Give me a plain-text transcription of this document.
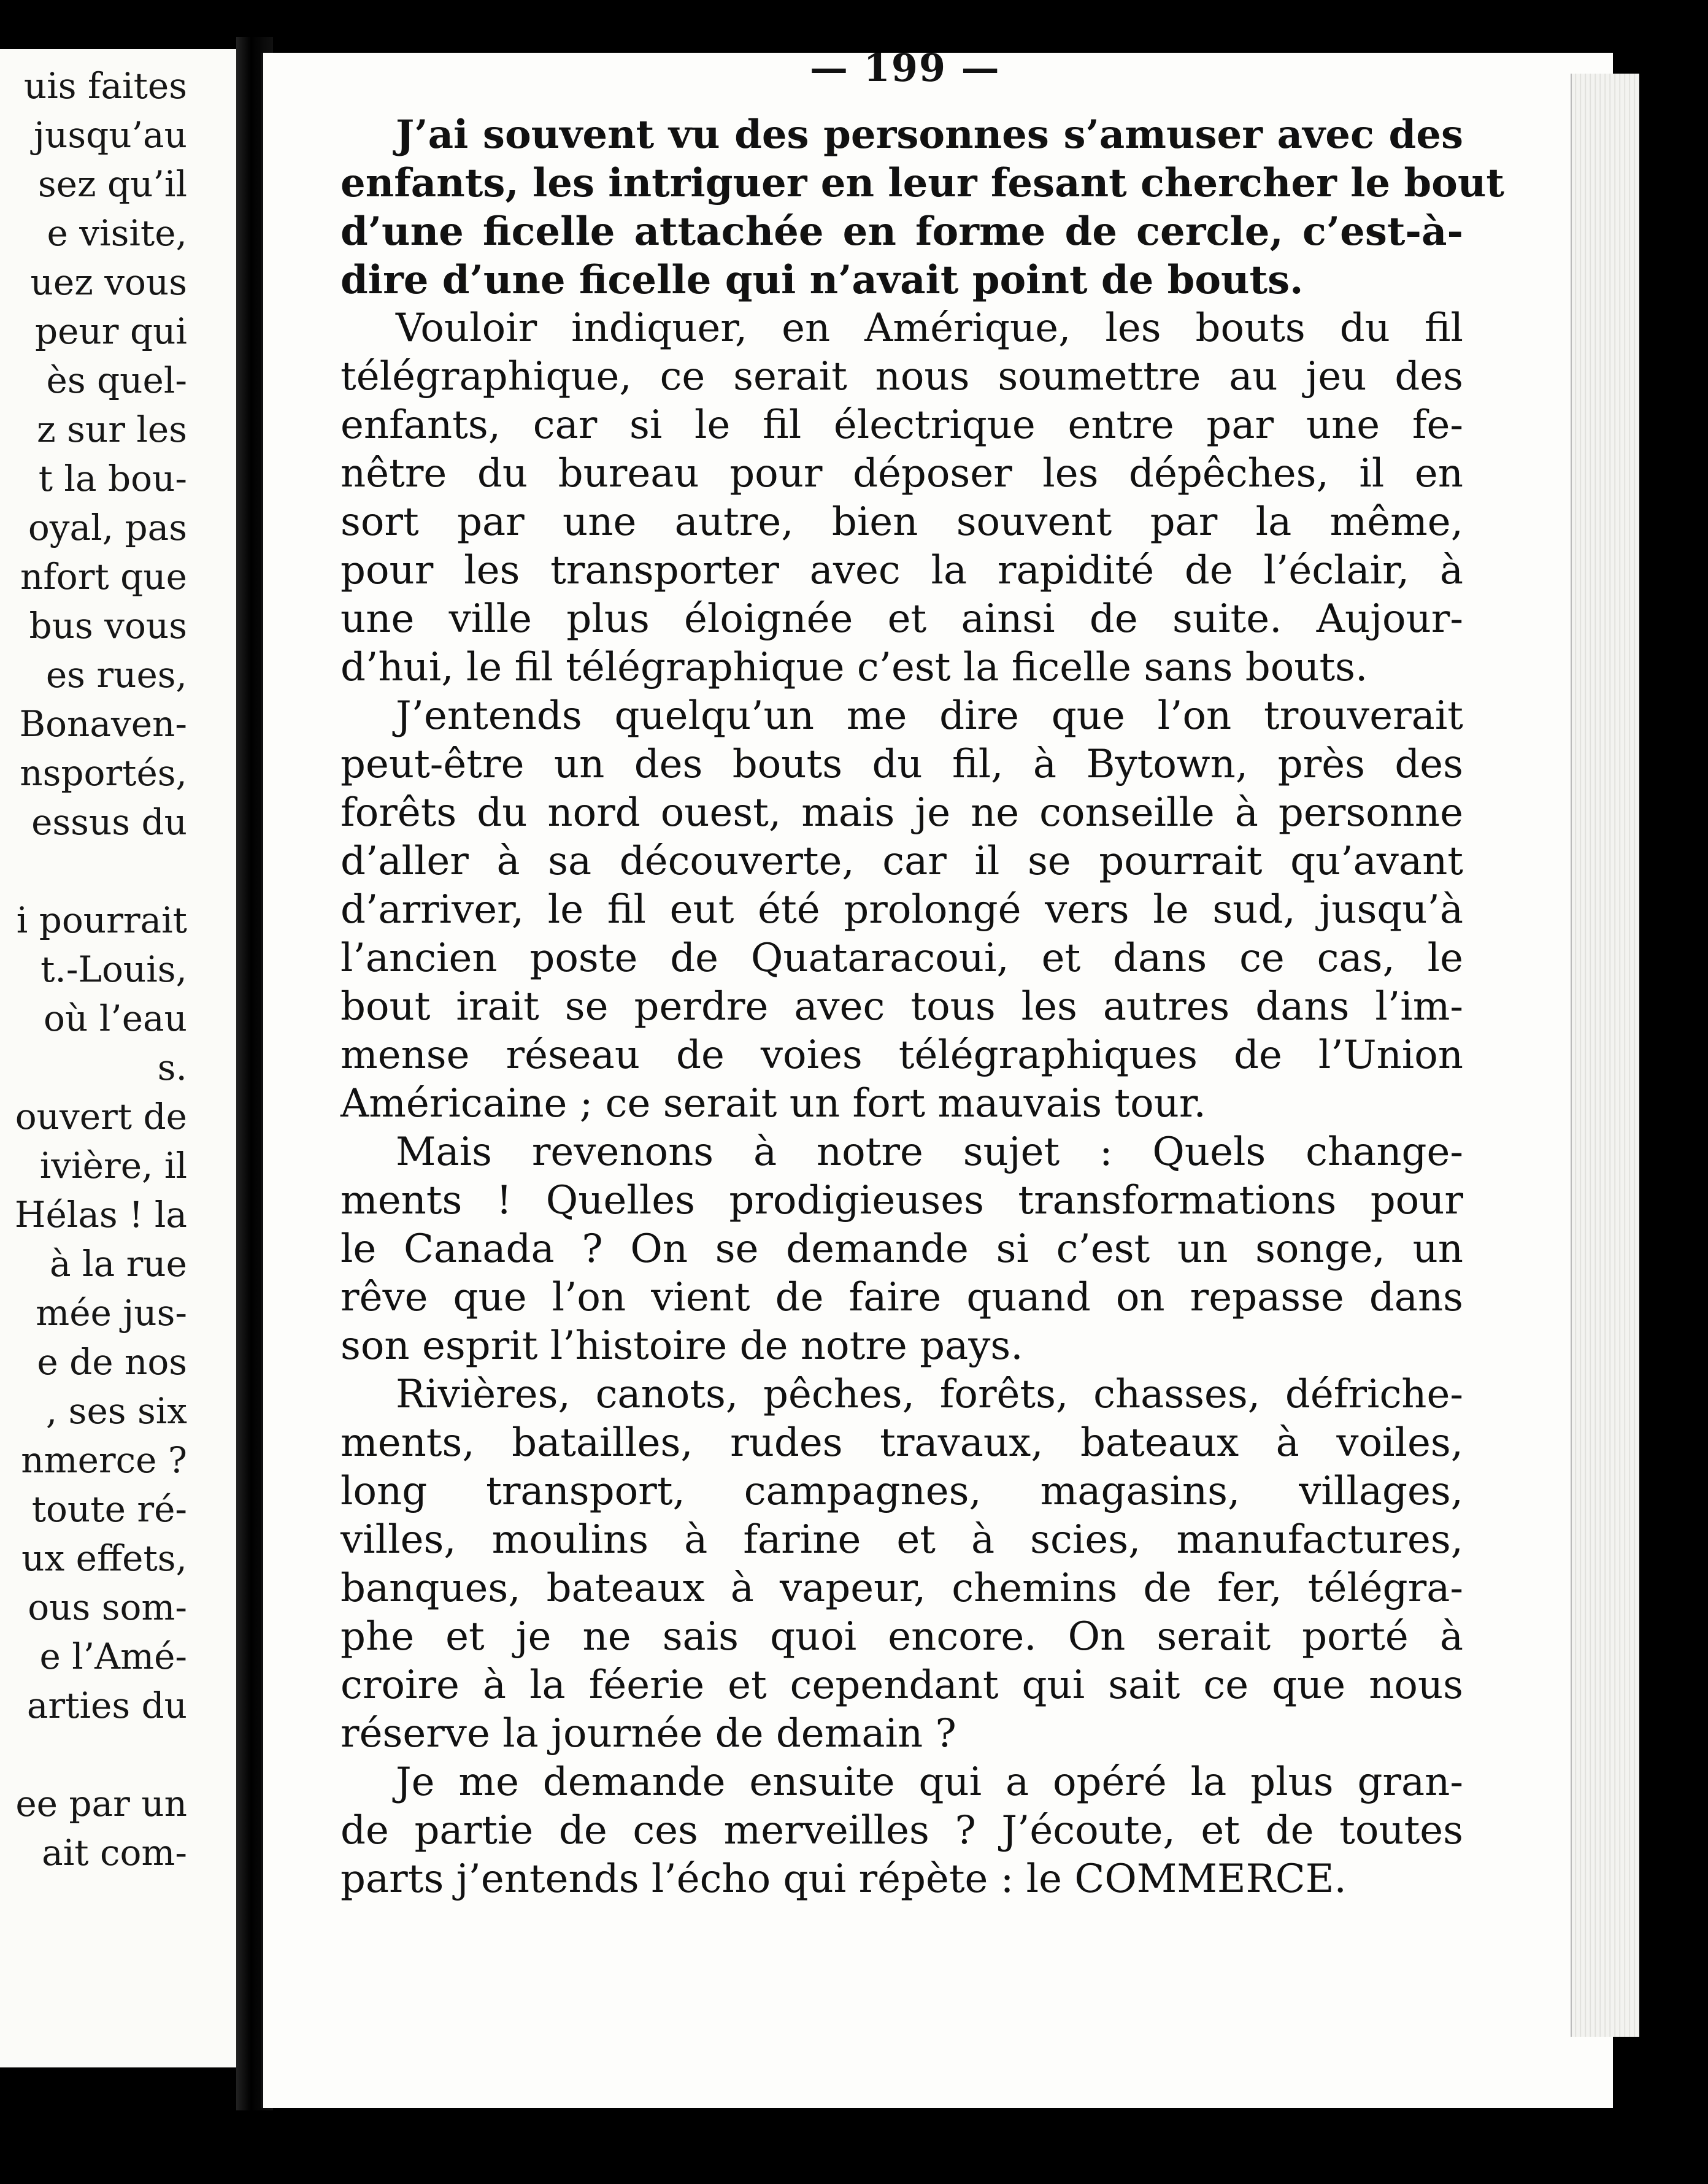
uis faites
jusqu’au
sez qu’il
e visite,
uez vous
peur qui
ès quel-
z sur les
t la bou-
oyal, pas
nfort que
bus vous
es rues,
Bonaven-
nsportés,
essus du
i pourrait
t.-Louis,
où l’eau
s.
ouvert de
ivière, il
Hélas ! la
à la rue
mée jus-
e de nos
, ses six
nmerce ?
toute ré-
ux effets,
ous som-
e l’Amé-
arties du
ee par un
ait com-
— 199 —
J’ai souvent vu des personnes s’amuser avec des
enfants, les intriguer en leur fesant chercher le bout
d’une ficelle attachée en forme de cercle, c’est-à-
dire d’une ficelle qui n’avait point de bouts.
Vouloir indiquer, en Amérique, les bouts du fil
télégraphique, ce serait nous soumettre au jeu des
enfants, car si le fil électrique entre par une fe-
nêtre du bureau pour déposer les dépêches, il en
sort par une autre, bien souvent par la même,
pour les transporter avec la rapidité de l’éclair, à
une ville plus éloignée et ainsi de suite. Aujour-
d’hui, le fil télégraphique c’est la ficelle sans bouts.
J’entends quelqu’un me dire que l’on trouverait
peut-être un des bouts du fil, à Bytown, près des
forêts du nord ouest, mais je ne conseille à personne
d’aller à sa découverte, car il se pourrait qu’avant
d’arriver, le fil eut été prolongé vers le sud, jusqu’à
l’ancien poste de Quataracoui, et dans ce cas, le
bout irait se perdre avec tous les autres dans l’im-
mense réseau de voies télégraphiques de l’Union
Américaine ; ce serait un fort mauvais tour.
Mais revenons à notre sujet : Quels change-
ments ! Quelles prodigieuses transformations pour
le Canada ? On se demande si c’est un songe, un
rêve que l’on vient de faire quand on repasse dans
son esprit l’histoire de notre pays.
Rivières, canots, pêches, forêts, chasses, défriche-
ments, batailles, rudes travaux, bateaux à voiles,
long transport, campagnes, magasins, villages,
villes, moulins à farine et à scies, manufactures,
banques, bateaux à vapeur, chemins de fer, télégra-
phe et je ne sais quoi encore. On serait porté à
croire à la féerie et cependant qui sait ce que nous
réserve la journée de demain ?
Je me demande ensuite qui a opéré la plus gran-
de partie de ces merveilles ? J’écoute, et de toutes
parts j’entends l’écho qui répète : le COMMERCE.
